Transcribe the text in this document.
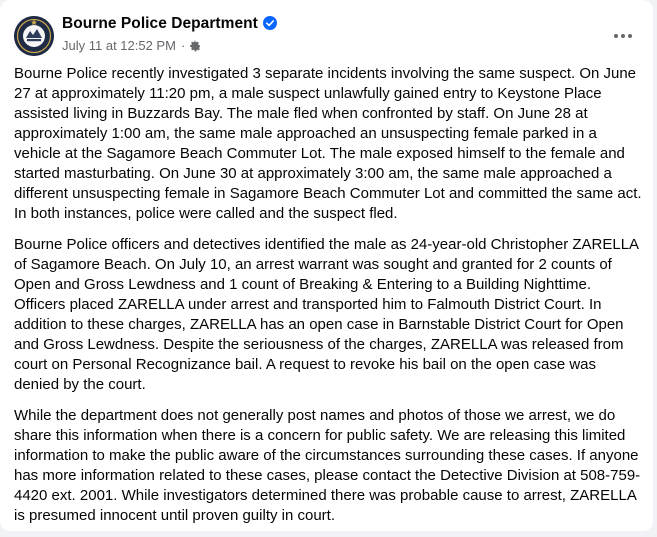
Bourne Police Department
July 11 at 12:52 PM ·

Bourne Police recently investigated 3 separate incidents involving the same suspect. On June 27 at approximately 11:20 pm, a male suspect unlawfully gained entry to Keystone Place assisted living in Buzzards Bay. The male fled when confronted by staff. On June 28 at approximately 1:00 am, the same male approached an unsuspecting female parked in a vehicle at the Sagamore Beach Commuter Lot. The male exposed himself to the female and started masturbating. On June 30 at approximately 3:00 am, the same male approached a different unsuspecting female in Sagamore Beach Commuter Lot and committed the same act. In both instances, police were called and the suspect fled.

Bourne Police officers and detectives identified the male as 24-year-old Christopher ZARELLA of Sagamore Beach. On July 10, an arrest warrant was sought and granted for 2 counts of Open and Gross Lewdness and 1 count of Breaking & Entering to a Building Nighttime. Officers placed ZARELLA under arrest and transported him to Falmouth District Court. In addition to these charges, ZARELLA has an open case in Barnstable District Court for Open and Gross Lewdness. Despite the seriousness of the charges, ZARELLA was released from court on Personal Recognizance bail. A request to revoke his bail on the open case was denied by the court.

While the department does not generally post names and photos of those we arrest, we do share this information when there is a concern for public safety. We are releasing this limited information to make the public aware of the circumstances surrounding these cases. If anyone has more information related to these cases, please contact the Detective Division at 508-759-4420 ext. 2001. While investigators determined there was probable cause to arrest, ZARELLA is presumed innocent until proven guilty in court.
